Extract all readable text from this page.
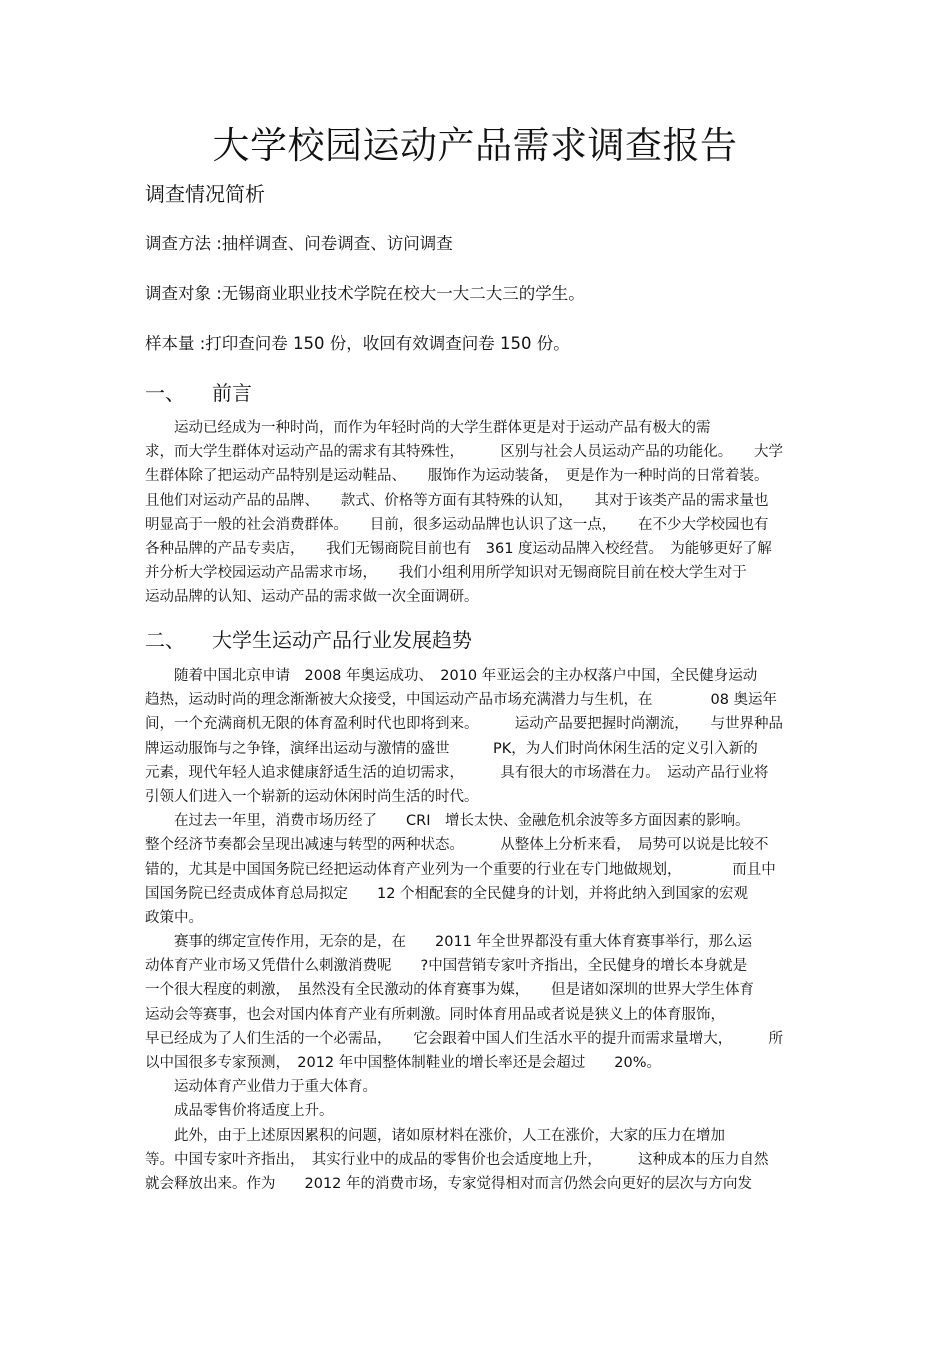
大学校园运动产品需求调查报告
调查情况简析

调查方法 :抽样调查、问卷调查、访问调查

调查对象 :无锡商业职业技术学院在校大一大二大三的学生。

样本量 :打印查问卷 150 份，收回有效调查问卷 150 份。

一、 前言
　　运动已经成为一种时尚，而作为年轻时尚的大学生群体更是对于运动产品有极大的需
求，而大学生群体对运动产品的需求有其特殊性，　　　区别与社会人员运动产品的功能化。　　大学
生群体除了把运动产品特别是运动鞋品、　　服饰作为运动装备，　更是作为一种时尚的日常着装。
且他们对运动产品的品牌、　　款式、价格等方面有其特殊的认知，　　其对于该类产品的需求量也
明显高于一般的社会消费群体。　　目前，很多运动品牌也认识了这一点，　　在不少大学校园也有
各种品牌的产品专卖店，　　我们无锡商院目前也有　361 度运动品牌入校经营。　为能够更好了解
并分析大学校园运动产品需求市场，　　我们小组利用所学知识对无锡商院目前在校大学生对于
运动品牌的认知、运动产品的需求做一次全面调研。
二、 大学生运动产品行业发展趋势
　　随着中国北京申请　2008 年奥运成功、　2010 年亚运会的主办权落户中国，全民健身运动
趋热，运动时尚的理念渐渐被大众接受，中国运动产品市场充满潜力与生机，在　　　　08 奥运年
间，一个充满商机无限的体育盈利时代也即将到来。　　　运动产品要把握时尚潮流，　　与世界种品
牌运动服饰与之争锋，演绎出运动与激情的盛世　　　PK，为人们时尚休闲生活的定义引入新的
元素，现代年轻人追求健康舒适生活的迫切需求，　　　具有很大的市场潜在力。　运动产品行业将
引领人们进入一个崭新的运动休闲时尚生活的时代。
　　在过去一年里，消费市场历经了　　CRI　增长太快、金融危机余波等多方面因素的影响。
整个经济节奏都会呈现出减速与转型的两种状态。　　　从整体上分析来看，　局势可以说是比较不
错的，尤其是中国国务院已经把运动体育产业列为一个重要的行业在专门地做规划，　　　　而且中
国国务院已经责成体育总局拟定　　12 个相配套的全民健身的计划，并将此纳入到国家的宏观
政策中。
　　赛事的绑定宣传作用，无奈的是，在　　2011 年全世界都没有重大体育赛事举行，那么运
动体育产业市场又凭借什么刺激消费呢　　?中国营销专家叶齐指出，全民健身的增长本身就是
一个很大程度的刺激，　虽然没有全民激动的体育赛事为媒，　　但是诸如深圳的世界大学生体育
运动会等赛事，也会对国内体育产业有所刺激。同时体育用品或者说是狭义上的体育服饰，
早已经成为了人们生活的一个必需品，　　它会跟着中国人们生活水平的提升而需求量增大，　　　所
以中国很多专家预测，　2012 年中国整体制鞋业的增长率还是会超过　　20%。
　　运动体育产业借力于重大体育。
　　成品零售价将适度上升。
　　此外，由于上述原因累积的问题，诸如原材料在涨价，人工在涨价，大家的压力在增加
等。中国专家叶齐指出，　其实行业中的成品的零售价也会适度地上升，　　　这种成本的压力自然
就会释放出来。作为　　2012 年的消费市场，专家觉得相对而言仍然会向更好的层次与方向发
